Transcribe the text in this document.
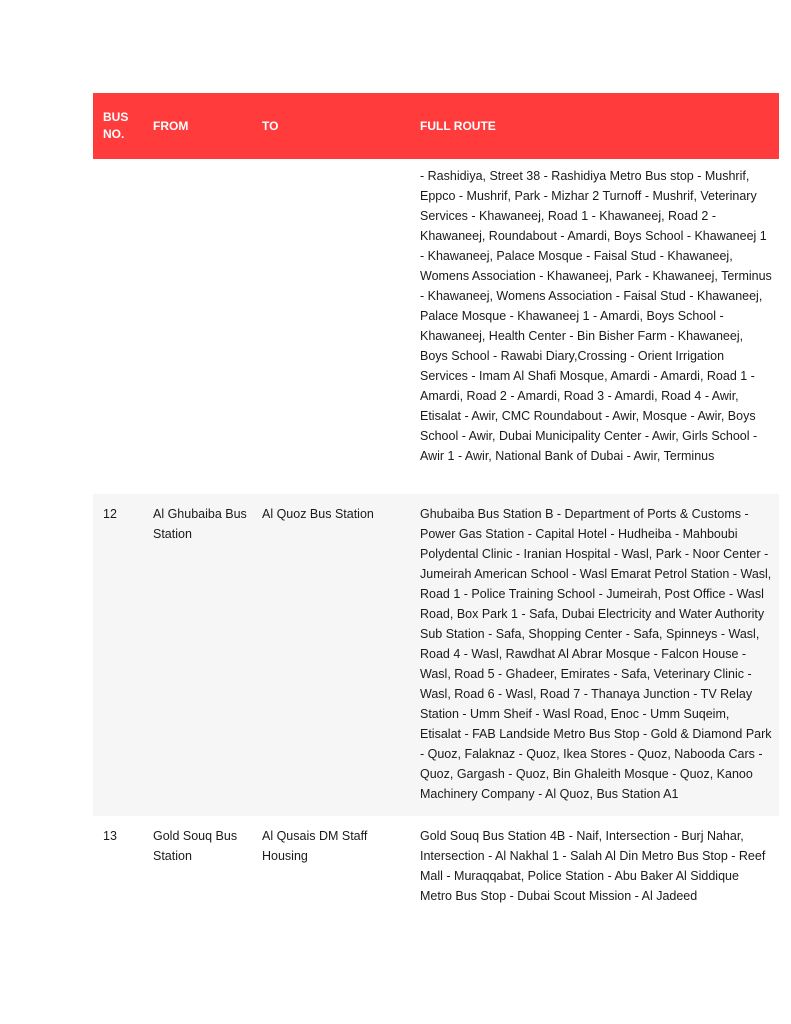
BUS NO.	FROM	TO	FULL ROUTE
			- Rashidiya, Street 38 - Rashidiya Metro Bus stop - Mushrif, Eppco - Mushrif, Park - Mizhar 2 Turnoff - Mushrif, Veterinary Services - Khawaneej, Road 1 - Khawaneej, Road 2 - Khawaneej, Roundabout - Amardi, Boys School - Khawaneej 1 - Khawaneej, Palace Mosque - Faisal Stud - Khawaneej, Womens Association - Khawaneej, Park - Khawaneej, Terminus - Khawaneej, Womens Association - Faisal Stud - Khawaneej, Palace Mosque - Khawaneej 1 - Amardi, Boys School - Khawaneej, Health Center - Bin Bisher Farm - Khawaneej, Boys School - Rawabi Diary,Crossing - Orient Irrigation Services - Imam Al Shafi Mosque, Amardi - Amardi, Road 1 - Amardi, Road 2 - Amardi, Road 3 - Amardi, Road 4 - Awir, Etisalat - Awir, CMC Roundabout - Awir, Mosque - Awir, Boys School - Awir, Dubai Municipality Center - Awir, Girls School - Awir 1 - Awir, National Bank of Dubai - Awir, Terminus
12	Al Ghubaiba Bus Station	Al Quoz Bus Station	Ghubaiba Bus Station B - Department of Ports & Customs - Power Gas Station - Capital Hotel - Hudheiba - Mahboubi Polydental Clinic - Iranian Hospital - Wasl, Park - Noor Center - Jumeirah American School - Wasl Emarat Petrol Station - Wasl, Road 1 - Police Training School - Jumeirah, Post Office - Wasl Road, Box Park 1 - Safa, Dubai Electricity and Water Authority Sub Station - Safa, Shopping Center - Safa, Spinneys - Wasl, Road 4 - Wasl, Rawdhat Al Abrar Mosque - Falcon House - Wasl, Road 5 - Ghadeer, Emirates - Safa, Veterinary Clinic - Wasl, Road 6 - Wasl, Road 7 - Thanaya Junction - TV Relay Station - Umm Sheif - Wasl Road, Enoc - Umm Suqeim, Etisalat - FAB Landside Metro Bus Stop - Gold & Diamond Park - Quoz, Falaknaz - Quoz, Ikea Stores - Quoz, Nabooda Cars - Quoz, Gargash - Quoz, Bin Ghaleith Mosque - Quoz, Kanoo Machinery Company - Al Quoz, Bus Station A1
13	Gold Souq Bus Station	Al Qusais DM Staff Housing	Gold Souq Bus Station 4B - Naif, Intersection - Burj Nahar, Intersection - Al Nakhal 1 - Salah Al Din Metro Bus Stop - Reef Mall - Muraqqabat, Police Station - Abu Baker Al Siddique Metro Bus Stop - Dubai Scout Mission - Al Jadeed
